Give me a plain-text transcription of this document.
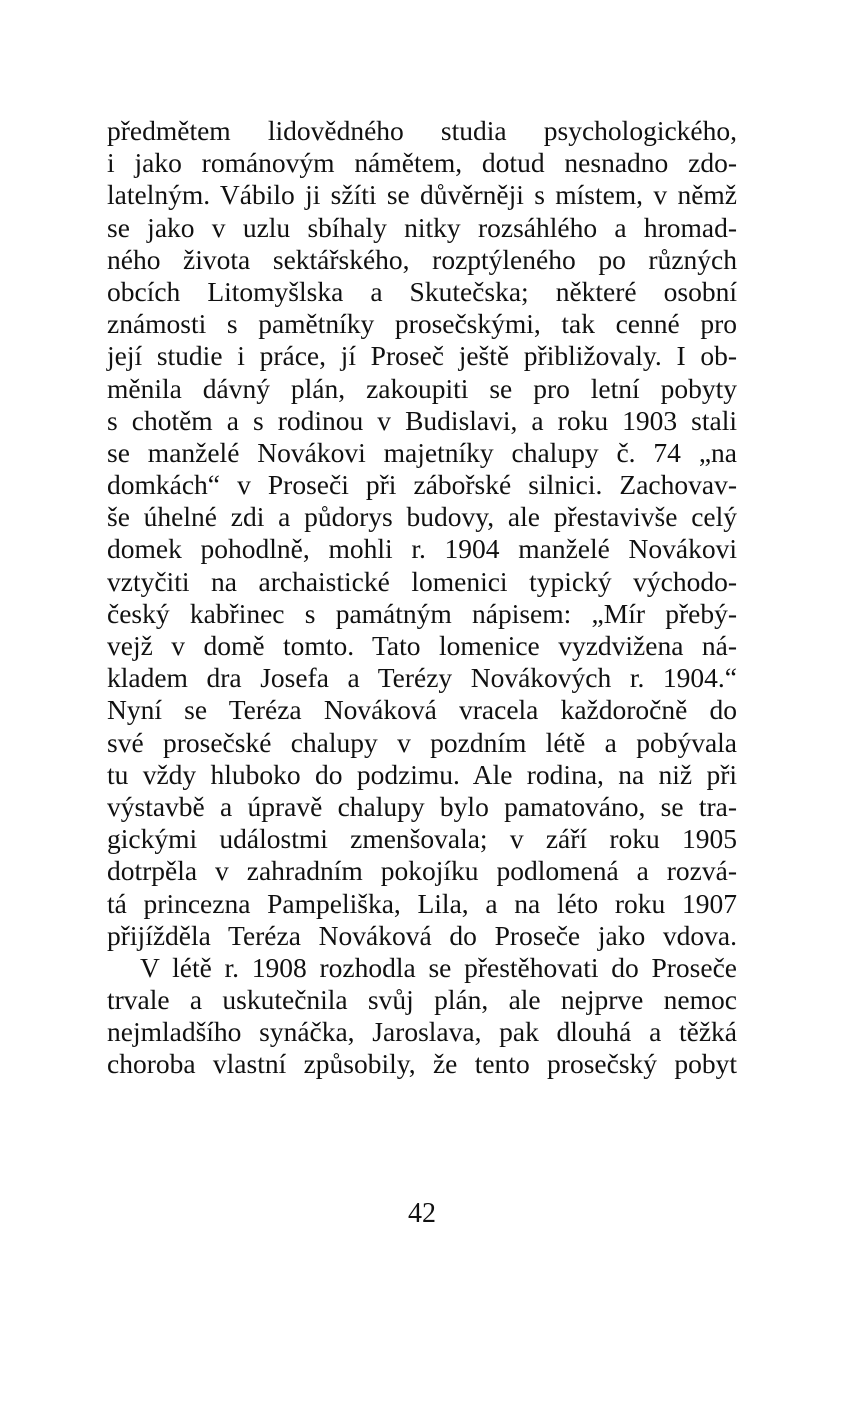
předmětem lidovědného studia psychologického,
i jako románovým námětem, dotud nesnadno zdo-
latelným. Vábilo ji sžíti se důvěrněji s místem, v němž
se jako v uzlu sbíhaly nitky rozsáhlého a hromad-
ného života sektářského, rozptýleného po různých
obcích Litomyšlska a Skutečska; některé osobní
známosti s pamětníky prosečskými, tak cenné pro
její studie i práce, jí Proseč ještě přibližovaly. I ob-
měnila dávný plán, zakoupiti se pro letní pobyty
s chotěm a s rodinou v Budislavi, a roku 1903 stali
se manželé Novákovi majetníky chalupy č. 74 „na
domkách“ v Proseči při zábořské silnici. Zachovav-
še úhelné zdi a půdorys budovy, ale přestavivše celý
domek pohodlně, mohli r. 1904 manželé Novákovi
vztyčiti na archaistické lomenici typický východo-
český kabřinec s památným nápisem: „Mír přebý-
vejž v domě tomto. Tato lomenice vyzdvižena ná-
kladem dra Josefa a Terézy Novákových r. 1904.“
Nyní se Teréza Nováková vracela každoročně do
své prosečské chalupy v pozdním létě a pobývala
tu vždy hluboko do podzimu. Ale rodina, na niž při
výstavbě a úpravě chalupy bylo pamatováno, se tra-
gickými událostmi zmenšovala; v září roku 1905
dotrpěla v zahradním pokojíku podlomená a rozvá-
tá princezna Pampeliška, Lila, a na léto roku 1907
přijížděla Teréza Nováková do Proseče jako vdova.
V létě r. 1908 rozhodla se přestěhovati do Proseče
trvale a uskutečnila svůj plán, ale nejprve nemoc
nejmladšího synáčka, Jaroslava, pak dlouhá a těžká
choroba vlastní způsobily, že tento prosečský pobyt
42
